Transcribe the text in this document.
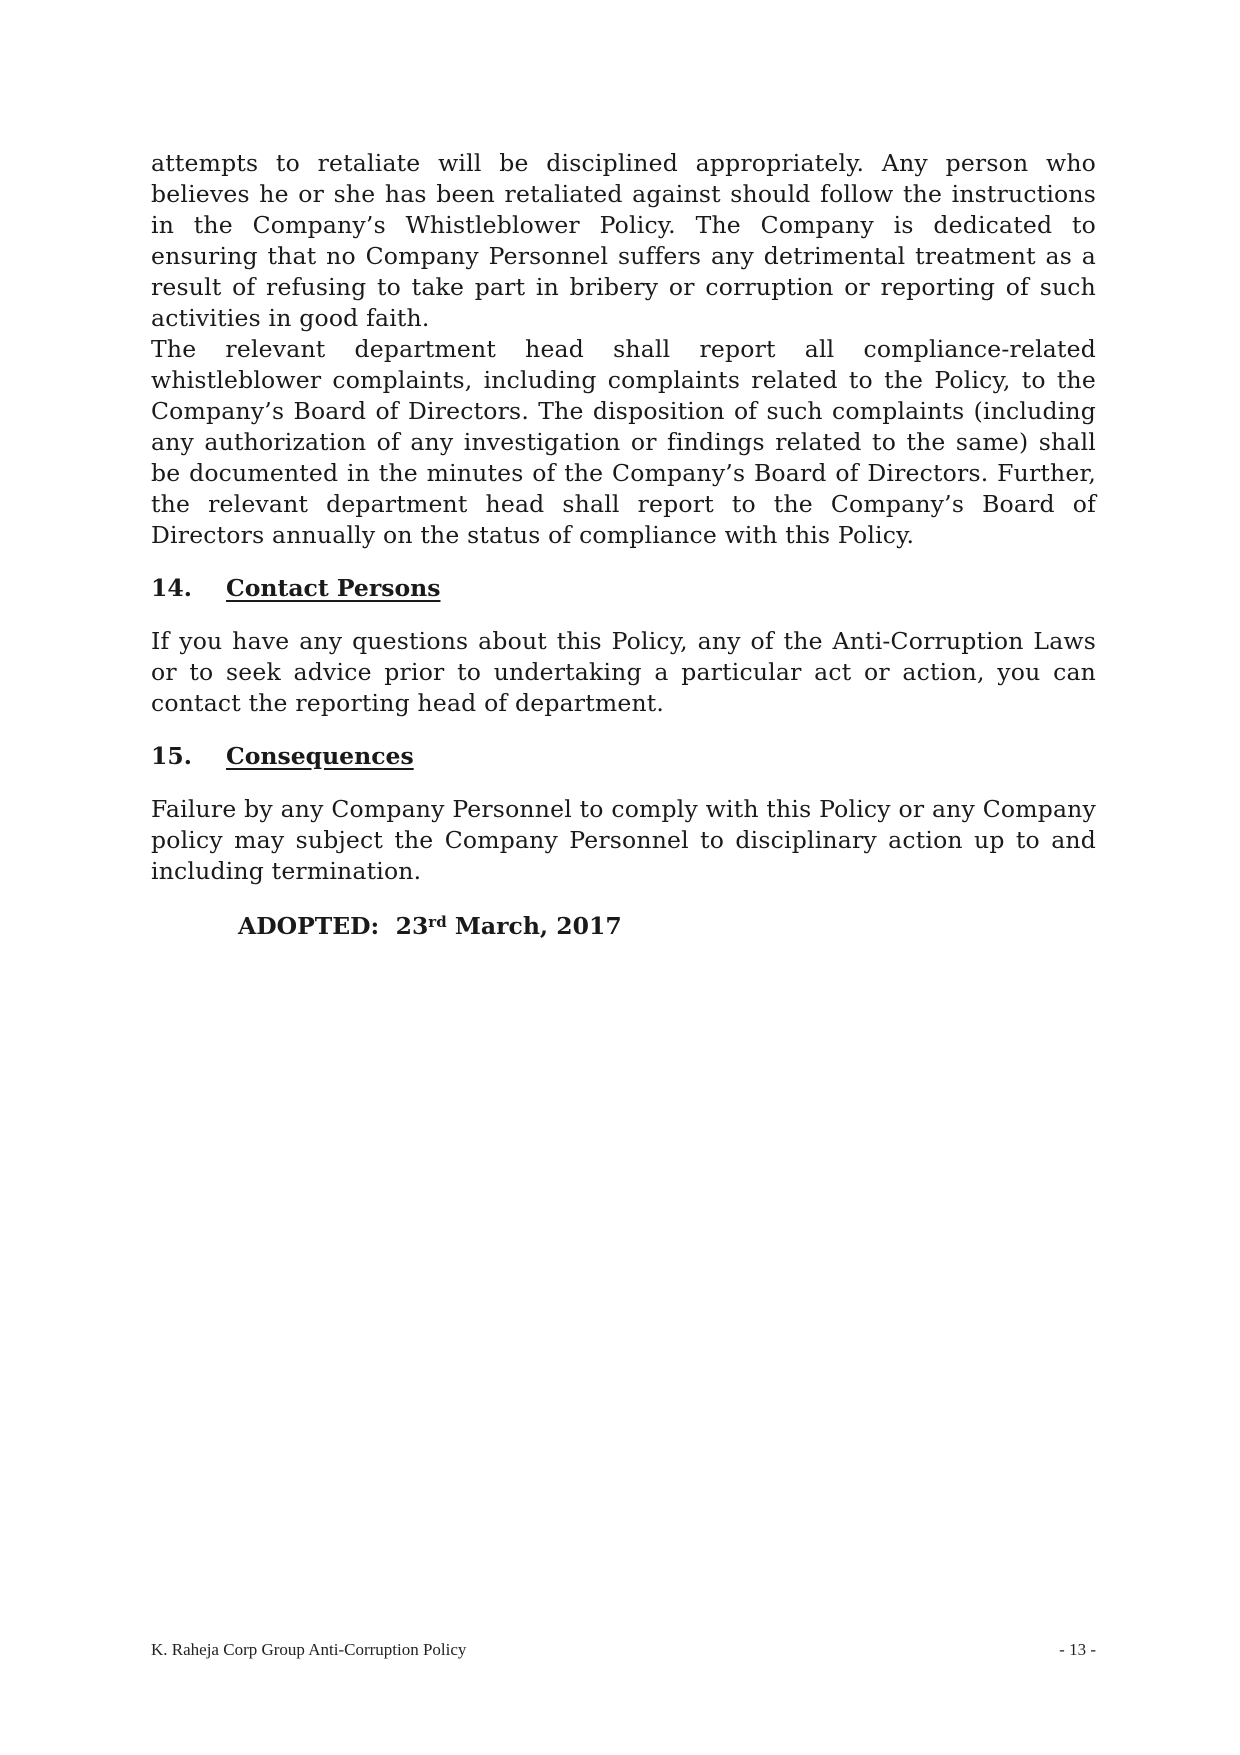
attempts to retaliate will be disciplined appropriately. Any person who believes he or she has been retaliated against should follow the instructions in the Company’s Whistleblower Policy. The Company is dedicated to ensuring that no Company Personnel suffers any detrimental treatment as a result of refusing to take part in bribery or corruption or reporting of such activities in good faith.

The relevant department head shall report all compliance-related whistleblower complaints, including complaints related to the Policy, to the Company’s Board of Directors. The disposition of such complaints (including any authorization of any investigation or findings related to the same) shall be documented in the minutes of the Company’s Board of Directors. Further, the relevant department head shall report to the Company’s Board of Directors annually on the status of compliance with this Policy.

14.	Contact Persons

If you have any questions about this Policy, any of the Anti-Corruption Laws or to seek advice prior to undertaking a particular act or action, you can contact the reporting head of department.

15.	Consequences

Failure by any Company Personnel to comply with this Policy or any Company policy may subject the Company Personnel to disciplinary action up to and including termination.

ADOPTED: 23rd March, 2017
K. Raheja Corp Group Anti-Corruption Policy	- 13 -
